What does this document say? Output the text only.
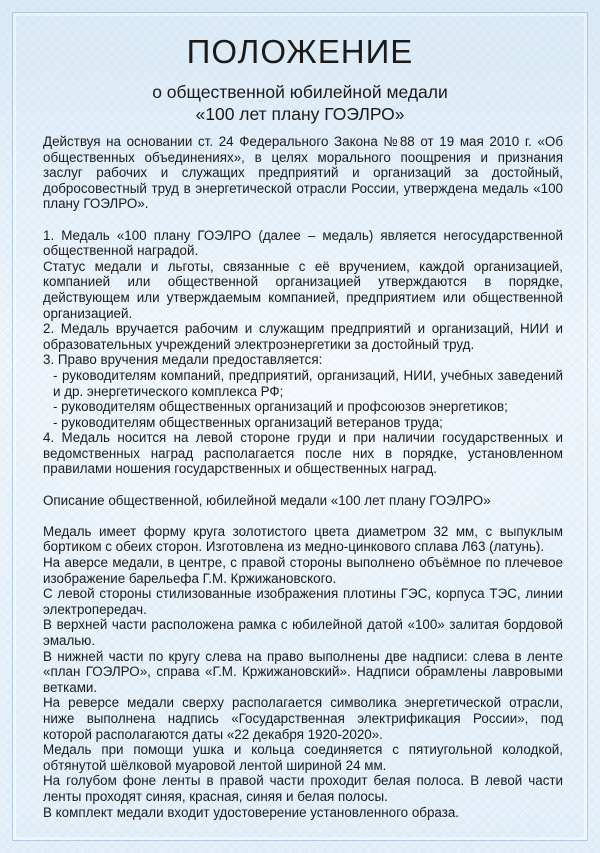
ПОЛОЖЕНИЕ
о общественной юбилейной медали
«100 лет плану ГОЭЛРО»

Действуя на основании ст. 24 Федерального Закона №88 от 19 мая 2010 г. «Об общественных объединениях», в целях морального поощрения и признания заслуг рабочих и служащих предприятий и организаций за достойный, добросовестный труд в энергетической отрасли России, утверждена медаль «100 плану ГОЭЛРО».

1. Медаль «100 плану ГОЭЛРО (далее – медаль) является негосударственной общественной наградой.

Статус медали и льготы, связанные с её вручением, каждой организацией, компанией или общественной организацией утверждаются в порядке, действующем или утверждаемым компанией, предприятием или общественной организацией.

2. Медаль вручается рабочим и служащим предприятий и организаций, НИИ и образовательных учреждений электроэнергетики за достойный труд.

3. Право вручения медали предоставляется:

- руководителям компаний, предприятий, организаций, НИИ, учебных заведений и др. энергетического комплекса РФ;

- руководителям общественных организаций и профсоюзов энергетиков;

- руководителям общественных организаций ветеранов труда;

4. Медаль носится на левой стороне груди и при наличии государственных и ведомственных наград располагается после них в порядке, установленном правилами ношения государственных и общественных наград.

Описание общественной, юбилейной медали «100 лет плану ГОЭЛРО»

Медаль имеет форму круга золотистого цвета диаметром 32 мм, с выпуклым бортиком с обеих сторон. Изготовлена из медно-цинкового сплава Л63 (латунь).

На аверсе медали, в центре, с правой стороны выполнено объёмное по плечевое изображение барельефа Г.М. Кржижановского.

С левой стороны стилизованные изображения плотины ГЭС, корпуса ТЭС, линии электропередач.

В верхней части расположена рамка с юбилейной датой «100» залитая бордовой эмалью.

В нижней части по кругу слева на право выполнены две надписи: слева в ленте «план ГОЭЛРО», справа «Г.М. Кржижановский». Надписи обрамлены лавровыми ветками.

На реверсе медали сверху располагается символика энергетической отрасли, ниже выполнена надпись «Государственная электрификация России», под которой располагаются даты «22 декабря 1920-2020».

Медаль при помощи ушка и кольца соединяется с пятиугольной колодкой, обтянутой шёлковой муаровой лентой шириной 24 мм.

На голубом фоне ленты в правой части проходит белая полоса. В левой части ленты проходят синяя, красная, синяя и белая полосы.

В комплект медали входит удостоверение установленного образа.
